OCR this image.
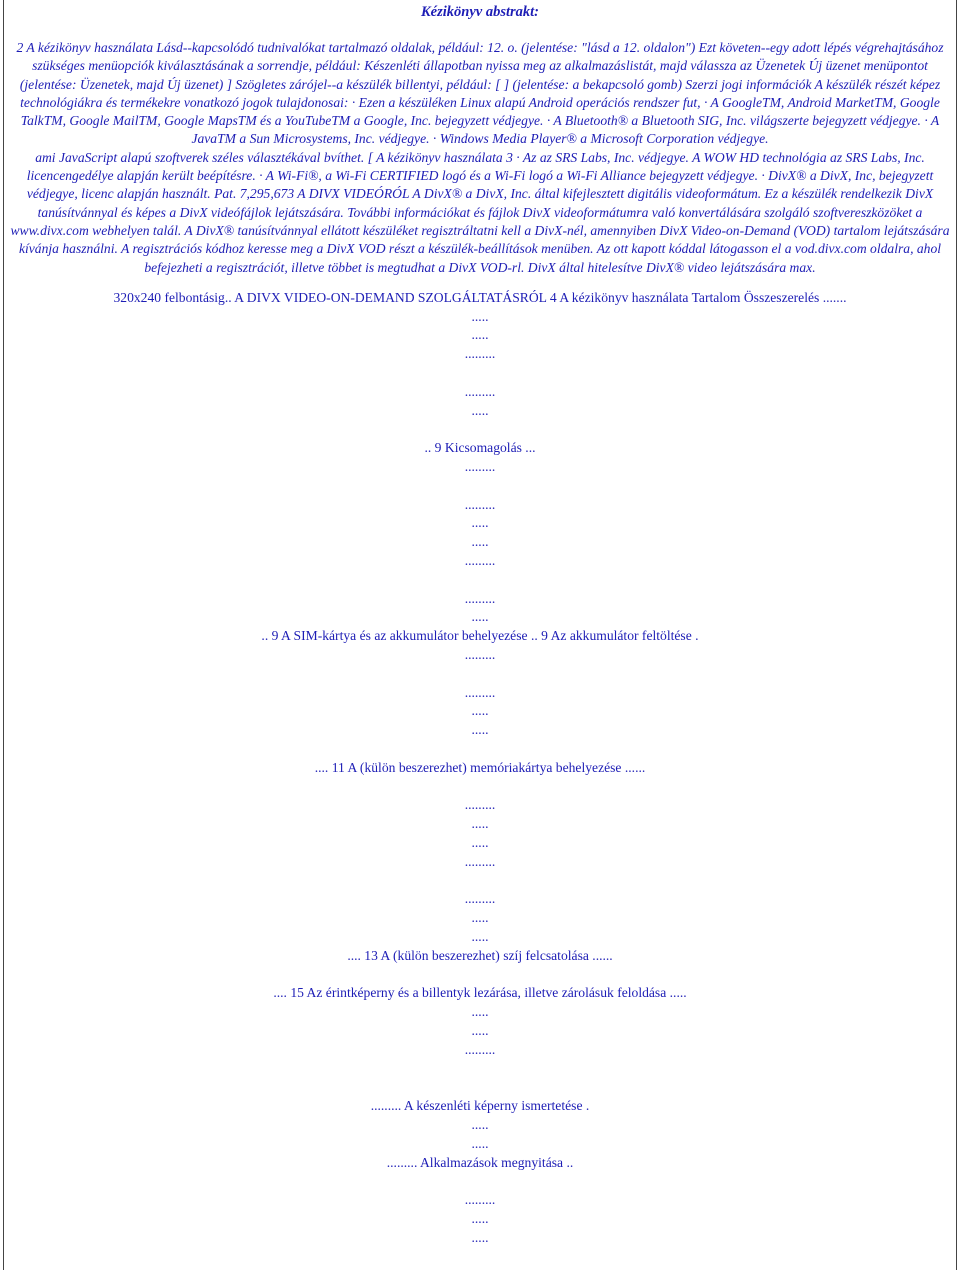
Kézikönyv abstrakt:

2 A kézikönyv használata Lásd--kapcsolódó tudnivalókat tartalmazó oldalak, például: 12. o. (jelentése: "lásd a 12. oldalon") Ezt követen--egy adott lépés végrehajtásához szükséges menüopciók kiválasztásának a sorrendje, például: Készenléti állapotban nyissa meg az alkalmazáslistát, majd válassza az Üzenetek Új üzenet menüpontot (jelentése: Üzenetek, majd Új üzenet) ] Szögletes zárójel--a készülék billentyi, például: [ ] (jelentése: a bekapcsoló gomb) Szerzi jogi információk A készülék részét képez technológiákra és termékekre vonatkozó jogok tulajdonosai: · Ezen a készüléken Linux alapú Android operációs rendszer fut, · A GoogleTM, Android MarketTM, Google TalkTM, Google MailTM, Google MapsTM és a YouTubeTM a Google, Inc. bejegyzett védjegye. · A Bluetooth® a Bluetooth SIG, Inc. világszerte bejegyzett védjegye. · A JavaTM a Sun Microsystems, Inc. védjegye. · Windows Media Player® a Microsoft Corporation védjegye.

ami JavaScript alapú szoftverek széles választékával bvíthet. [ A kézikönyv használata 3 · Az az SRS Labs, Inc. védjegye. A WOW HD technológia az SRS Labs, Inc. licencengedélye alapján került beépítésre. · A Wi-Fi®, a Wi-Fi CERTIFIED logó és a Wi-Fi logó a Wi-Fi Alliance bejegyzett védjegye. · DivX® a DivX, Inc, bejegyzett védjegye, licenc alapján használt. Pat. 7,295,673 A DIVX VIDEÓRÓL A DivX® a DivX, Inc. által kifejlesztett digitális videoformátum. Ez a készülék rendelkezik DivX tanúsítvánnyal és képes a DivX videófájlok lejátszására. További információkat és fájlok DivX videoformátumra való konvertálására szolgáló szoftvereszközöket a www.divx.com webhelyen talál. A DivX® tanúsítvánnyal ellátott készüléket regisztráltatni kell a DivX-nél, amennyiben DivX Video-on-Demand (VOD) tartalom lejátszására kívánja használni. A regisztrációs kódhoz keresse meg a DivX VOD részt a készülék-beállítások menüben. Az ott kapott kóddal látogasson el a vod.divx.com oldalra, ahol befejezheti a regisztrációt, illetve többet is megtudhat a DivX VOD-rl. DivX által hitelesítve DivX® video lejátszására max.

320x240 felbontásig.. A DIVX VIDEO-ON-DEMAND SZOLGÁLTATÁSRÓL 4 A kézikönyv használata Tartalom Összeszerelés .......
.....
.....
.........
.........
.....
.. 9 Kicsomagolás ...
.........
.........
.....
.....
.........
.........
.....
.. 9 A SIM-kártya és az akkumulátor behelyezése .. 9 Az akkumulátor feltöltése .
.........
.........
.....
.....
.... 11 A (külön beszerezhet) memóriakártya behelyezése ......
.........
.....
.....
.........
.........
.....
.....
.... 13 A (külön beszerezhet) szíj felcsatolása ......
.... 15 Az érintképerny és a billentyk lezárása, illetve zárolásuk feloldása .....
.....
.....
.........
......... A készenléti képerny ismertetése .
.....
.....
......... Alkalmazások megnyitása ..
.........
.....
.....
